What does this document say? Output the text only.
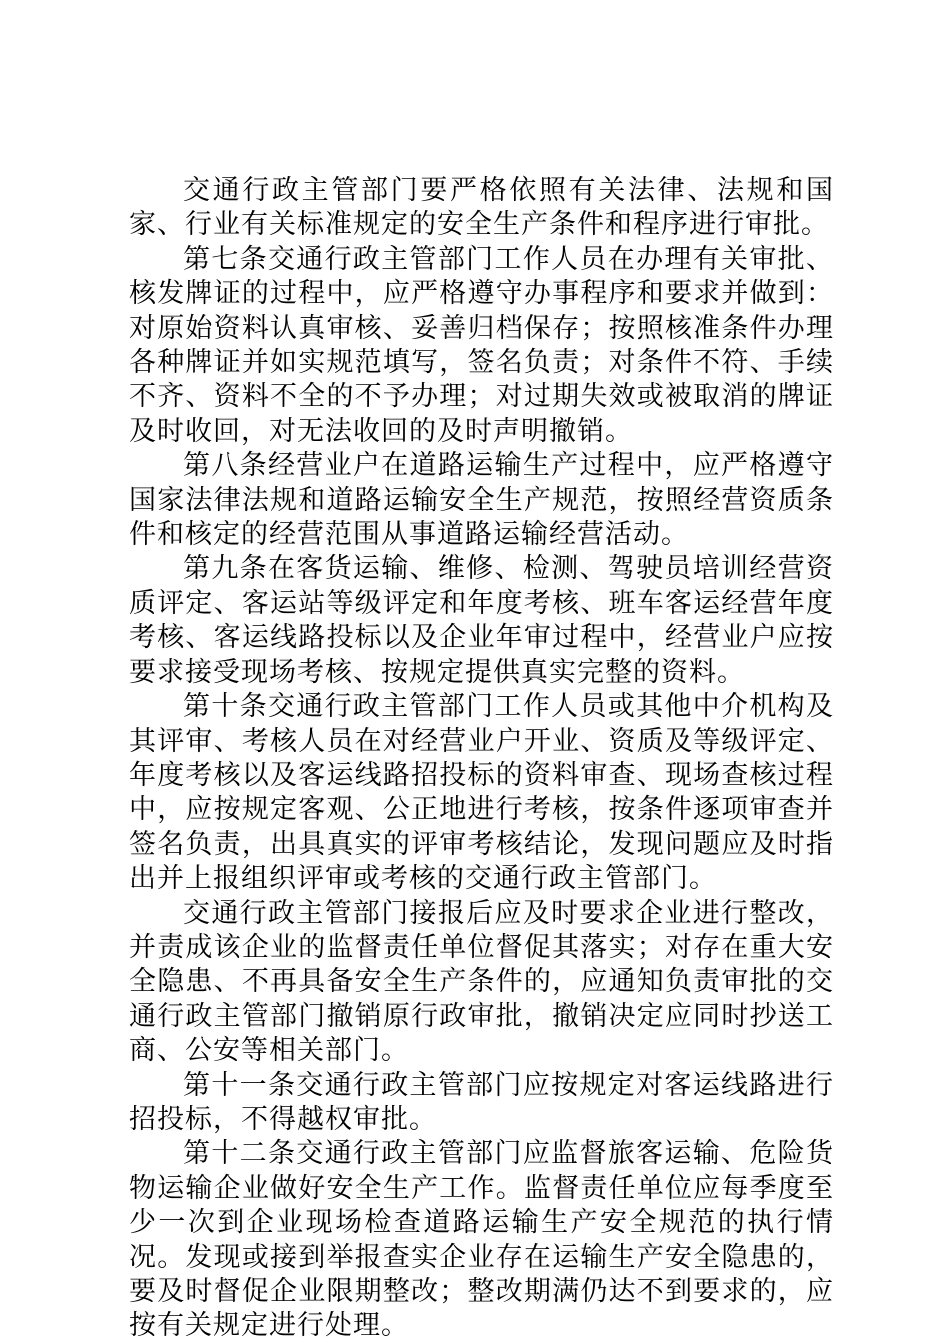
交通行政主管部门要严格依照有关法律、法规和国家、行业有关标准规定的安全生产条件和程序进行审批。

第七条交通行政主管部门工作人员在办理有关审批、核发牌证的过程中，应严格遵守办事程序和要求并做到：对原始资料认真审核、妥善归档保存；按照核准条件办理各种牌证并如实规范填写，签名负责；对条件不符、手续不齐、资料不全的不予办理；对过期失效或被取消的牌证及时收回，对无法收回的及时声明撤销。

第八条经营业户在道路运输生产过程中，应严格遵守国家法律法规和道路运输安全生产规范，按照经营资质条件和核定的经营范围从事道路运输经营活动。

第九条在客货运输、维修、检测、驾驶员培训经营资质评定、客运站等级评定和年度考核、班车客运经营年度考核、客运线路投标以及企业年审过程中，经营业户应按要求接受现场考核、按规定提供真实完整的资料。

第十条交通行政主管部门工作人员或其他中介机构及其评审、考核人员在对经营业户开业、资质及等级评定、年度考核以及客运线路招投标的资料审查、现场查核过程中，应按规定客观、公正地进行考核，按条件逐项审查并签名负责，出具真实的评审考核结论，发现问题应及时指出并上报组织评审或考核的交通行政主管部门。

交通行政主管部门接报后应及时要求企业进行整改，并责成该企业的监督责任单位督促其落实；对存在重大安全隐患、不再具备安全生产条件的，应通知负责审批的交通行政主管部门撤销原行政审批，撤销决定应同时抄送工商、公安等相关部门。

第十一条交通行政主管部门应按规定对客运线路进行招投标，不得越权审批。

第十二条交通行政主管部门应监督旅客运输、危险货物运输企业做好安全生产工作。监督责任单位应每季度至少一次到企业现场检查道路运输生产安全规范的执行情况。发现或接到举报查实企业存在运输生产安全隐患的，要及时督促企业限期整改；整改期满仍达不到要求的，应按有关规定进行处理。
